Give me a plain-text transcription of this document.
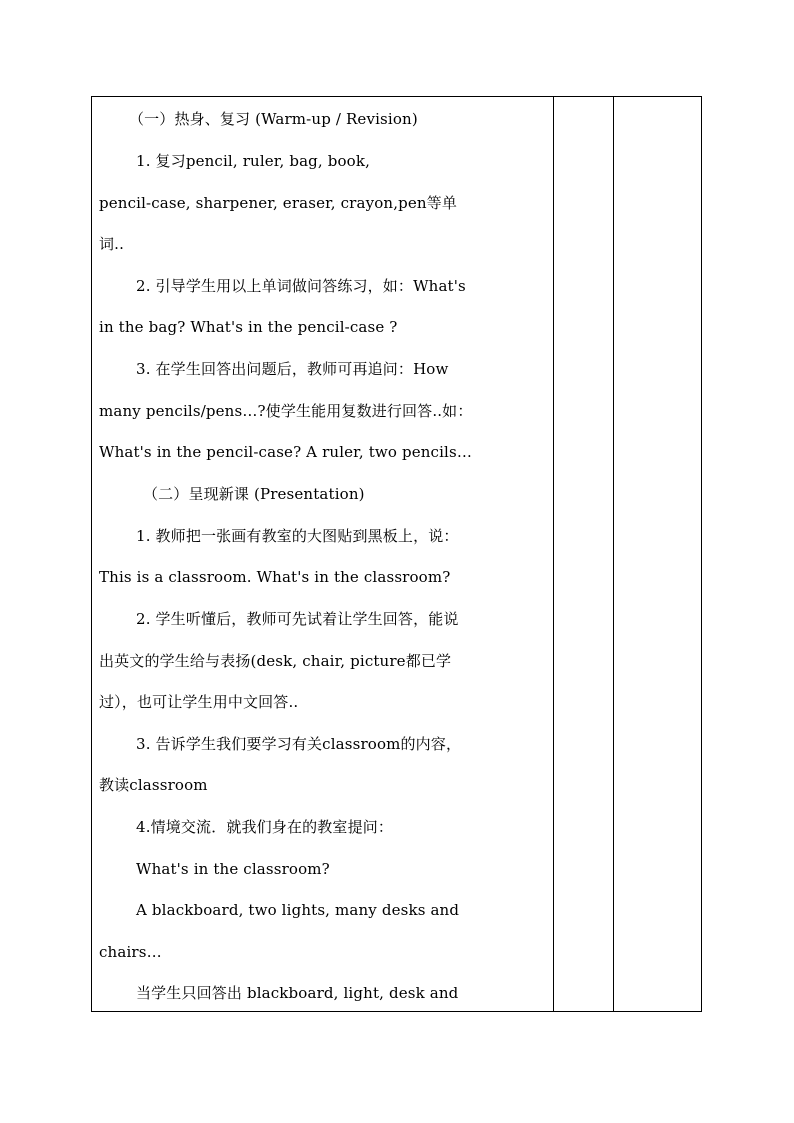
（一）热身、复习 (Warm-up / Revision)
1. 复习pencil, ruler, bag, book,
pencil-case, sharpener, eraser, crayon,pen等单
词..
2. 引导学生用以上单词做问答练习，如：What's
in the bag? What's in the pencil-case ?
3. 在学生回答出问题后，教师可再追问：How
many pencils/pens…?使学生能用复数进行回答..如：
What's in the pencil-case? A ruler, two pencils…
（二）呈现新课 (Presentation)
1. 教师把一张画有教室的大图贴到黑板上，说：
This is a classroom. What's in the classroom?
2. 学生听懂后，教师可先试着让学生回答，能说
出英文的学生给与表扬(desk, chair, picture都已学
过），也可让学生用中文回答..
3. 告诉学生我们要学习有关classroom的内容，
教读classroom
4.情境交流．就我们身在的教室提问：
What's in the classroom?
A blackboard, two lights, many desks and
chairs…
当学生只回答出 blackboard, light, desk and
